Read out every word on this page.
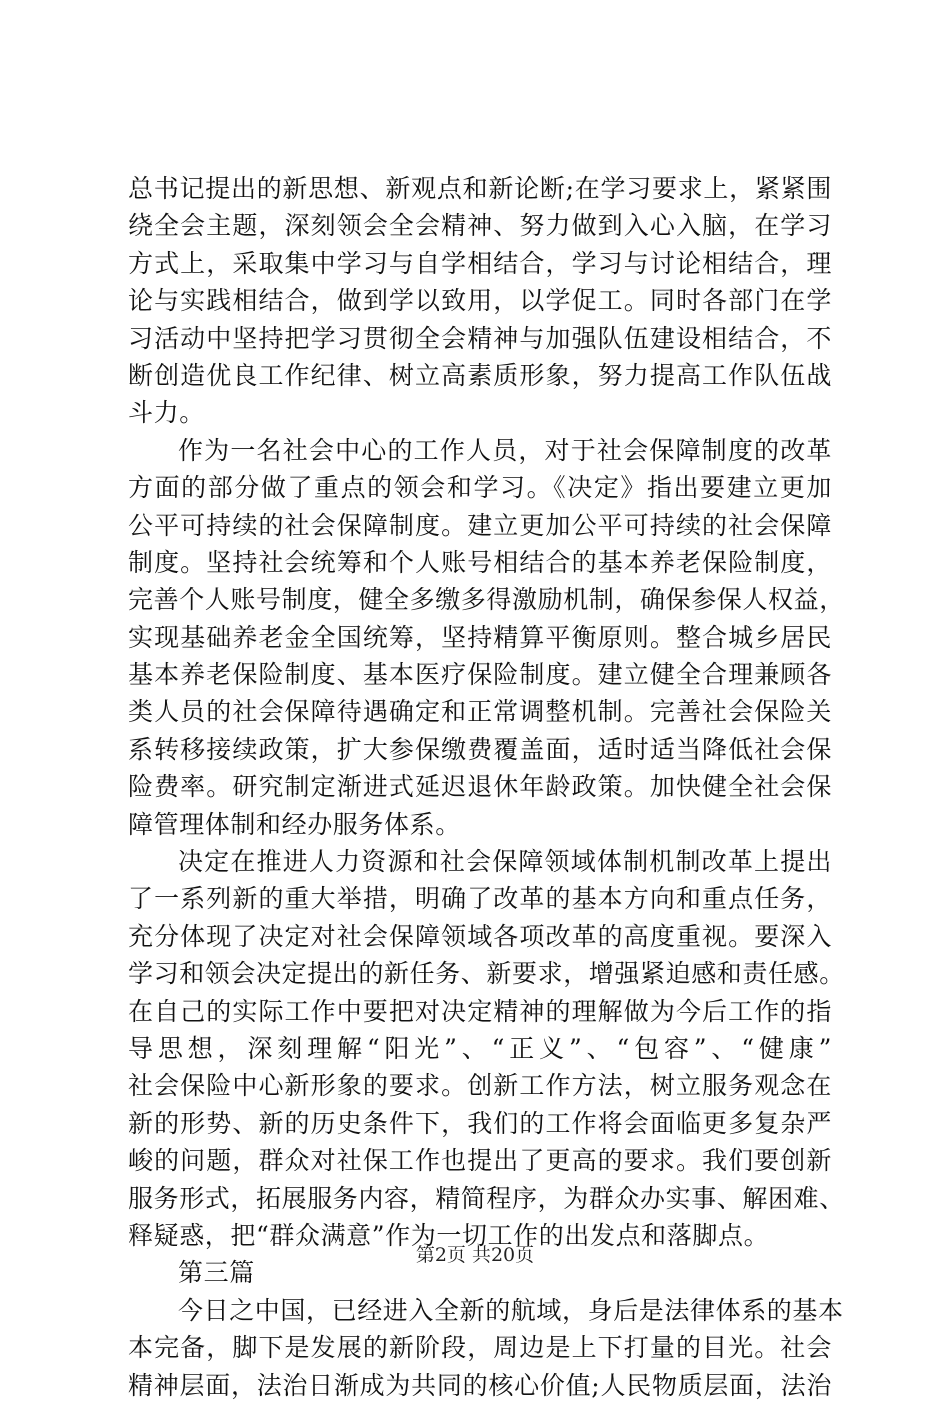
总书记提出的新思想、新观点和新论断;在学习要求上，紧紧围
绕全会主题，深刻领会全会精神、努力做到入心入脑，在学习
方式上，采取集中学习与自学相结合，学习与讨论相结合，理
论与实践相结合，做到学以致用，以学促工。同时各部门在学
习活动中坚持把学习贯彻全会精神与加强队伍建设相结合，不
断创造优良工作纪律、树立高素质形象，努力提高工作队伍战
斗力。
作为一名社会中心的工作人员，对于社会保障制度的改革
方面的部分做了重点的领会和学习。《决定》指出要建立更加
公平可持续的社会保障制度。建立更加公平可持续的社会保障
制度。坚持社会统筹和个人账号相结合的基本养老保险制度，
完善个人账号制度，健全多缴多得激励机制，确保参保人权益，
实现基础养老金全国统筹，坚持精算平衡原则。整合城乡居民
基本养老保险制度、基本医疗保险制度。建立健全合理兼顾各
类人员的社会保障待遇确定和正常调整机制。完善社会保险关
系转移接续政策，扩大参保缴费覆盖面，适时适当降低社会保
险费率。研究制定渐进式延迟退休年龄政策。加快健全社会保
障管理体制和经办服务体系。
决定在推进人力资源和社会保障领域体制机制改革上提出
了一系列新的重大举措，明确了改革的基本方向和重点任务，
充分体现了决定对社会保障领域各项改革的高度重视。要深入
学习和领会决定提出的新任务、新要求，增强紧迫感和责任感。
在自己的实际工作中要把对决定精神的理解做为今后工作的指
导思想，深刻理解“阳光”、“正义”、“包容”、“健康”
社会保险中心新形象的要求。创新工作方法，树立服务观念在
新的形势、新的历史条件下，我们的工作将会面临更多复杂严
峻的问题，群众对社保工作也提出了更高的要求。我们要创新
服务形式，拓展服务内容，精简程序，为群众办实事、解困难、
释疑惑，把“群众满意”作为一切工作的出发点和落脚点。
第三篇
今日之中国，已经进入全新的航域，身后是法律体系的基本
本完备，脚下是发展的新阶段，周边是上下打量的目光。社会
精神层面，法治日渐成为共同的核心价值;人民物质层面，法治
第2页 共20页
